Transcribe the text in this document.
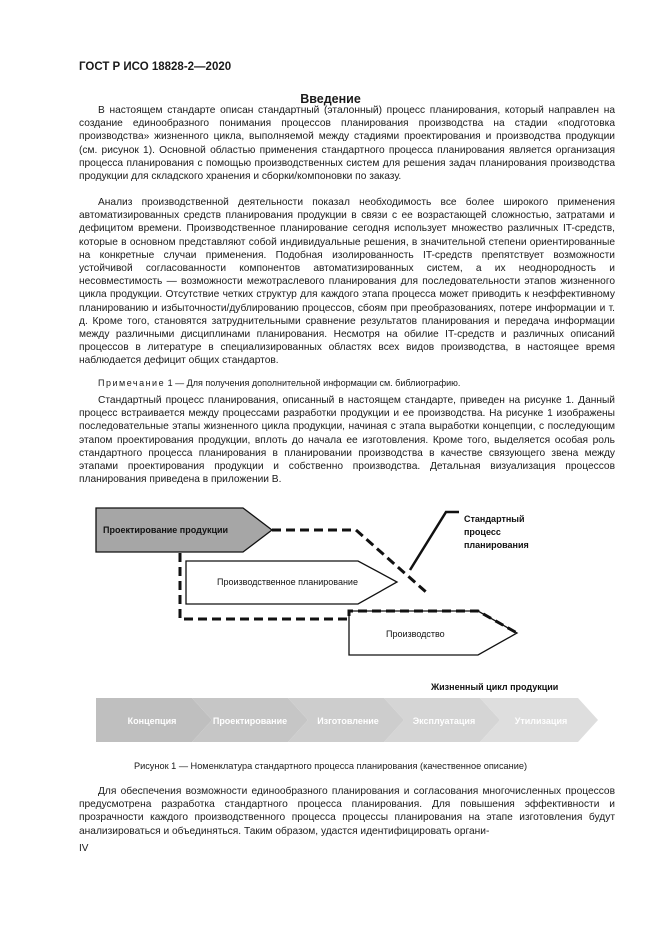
ГОСТ Р ИСО 18828-2—2020
Введение

В настоящем стандарте описан стандартный (эталонный) процесс планирования, который направлен на создание единообразного понимания процессов планирования производства на стадии «подготовка производства» жизненного цикла, выполняемой между стадиями проектирования и производства продукции (см. рисунок 1). Основной областью применения стандартного процесса планирования является организация процесса планирования с помощью производственных систем для решения задач планирования производства продукции для складского хранения и сборки/компоновки по заказу.

Анализ производственной деятельности показал необходимость все более широкого применения автоматизированных средств планирования продукции в связи с ее возрастающей сложностью, затратами и дефицитом времени. Производственное планирование сегодня использует множество различных IT-средств, которые в основном представляют собой индивидуальные решения, в значительной степени ориентированные на конкретные случаи применения. Подобная изолированность IT-средств препятствует возможности устойчивой согласованности компонентов автоматизированных систем, а их неоднородность и несовместимость — возможности межотраслевого планирования для последовательности этапов жизненного цикла продукции. Отсутствие четких структур для каждого этапа процесса может приводить к неэффективному планированию и избыточности/дублированию процессов, сбоям при преобразованиях, потере информации и т. д. Кроме того, становятся затруднительными сравнение результатов планирования и передача информации между различными дисциплинами планирования. Несмотря на обилие IT-средств и различных описаний процессов в литературе в специализированных областях всех видов производства, в настоящее время наблюдается дефицит общих стандартов.

Примечание 1 — Для получения дополнительной информации см. библиографию.

Стандартный процесс планирования, описанный в настоящем стандарте, приведен на рисунке 1. Данный процесс встраивается между процессами разработки продукции и ее производства. На рисунке 1 изображены последовательные этапы жизненного цикла продукции, начиная с этапа выработки концепции, с последующим этапом проектирования продукции, вплоть до начала ее изготовления. Кроме того, выделяется особая роль стандартного процесса планирования в планировании производства в качестве связующего звена между этапами проектирования продукции и собственно производства. Детальная визуализация процессов планирования приведена в приложении В.

Проектирование продукции
Производственное планирование
Производство
Стандартный
процесс
планирования
Жизненный цикл продукции
Концепция	Проектирование	Изготовление	Эксплуатация	Утилизация
Рисунок 1 — Номенклатура стандартного процесса планирования (качественное описание)

Для обеспечения возможности единообразного планирования и согласования многочисленных процессов предусмотрена разработка стандартного процесса планирования. Для повышения эффективности и прозрачности каждого производственного процесса процессы планирования на этапе изготовления будут анализироваться и объединяться. Таким образом, удастся идентифицировать органи-

IV
